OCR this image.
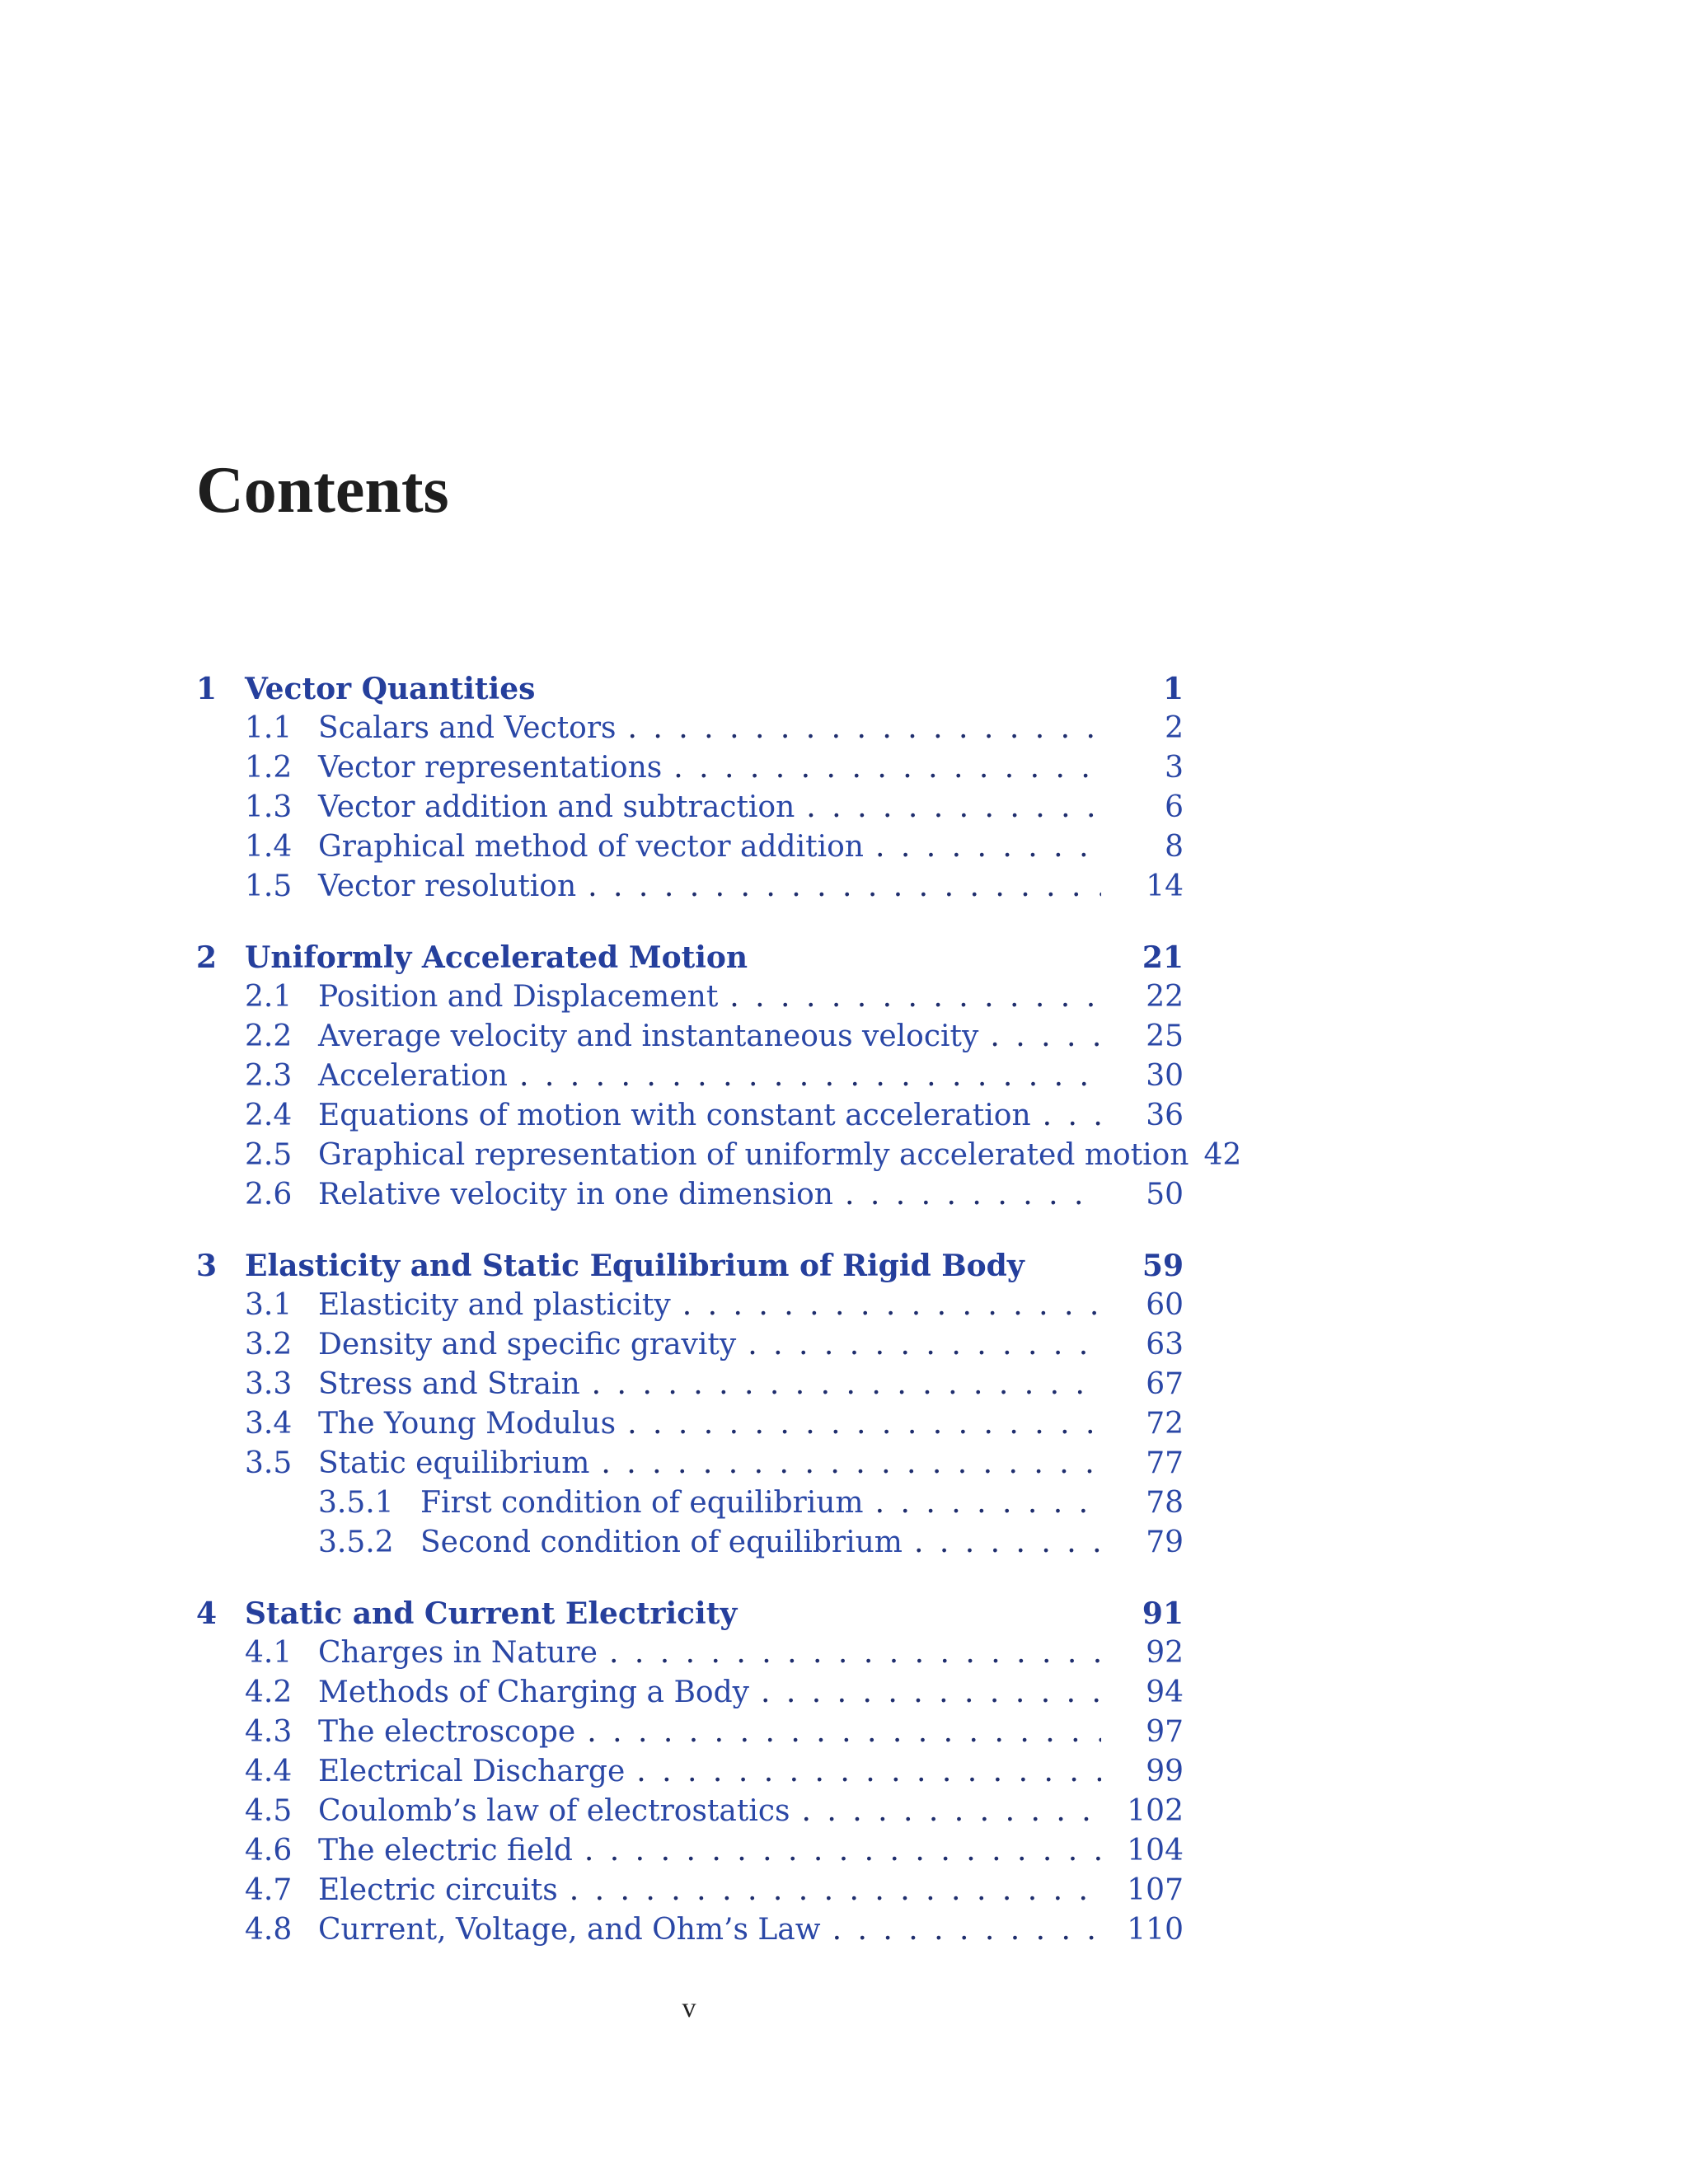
Contents
1 Vector Quantities	1
1.1 Scalars and Vectors . . .	2
1.2 Vector representations . . .	3
1.3 Vector addition and subtraction . . .	6
1.4 Graphical method of vector addition . . .	8
1.5 Vector resolution . . .	14
2 Uniformly Accelerated Motion	21
2.1 Position and Displacement . . .	22
2.2 Average velocity and instantaneous velocity . . .	25
2.3 Acceleration . . .	30
2.4 Equations of motion with constant acceleration . . .	36
2.5 Graphical representation of uniformly accelerated motion 42
2.6 Relative velocity in one dimension . . .	50
3 Elasticity and Static Equilibrium of Rigid Body	59
3.1 Elasticity and plasticity . . .	60
3.2 Density and specific gravity . . .	63
3.3 Stress and Strain . . .	67
3.4 The Young Modulus . . .	72
3.5 Static equilibrium . . .	77
3.5.1 First condition of equilibrium . . .	78
3.5.2 Second condition of equilibrium . . .	79
4 Static and Current Electricity	91
4.1 Charges in Nature . . .	92
4.2 Methods of Charging a Body . . .	94
4.3 The electroscope . . .	97
4.4 Electrical Discharge . . .	99
4.5 Coulomb’s law of electrostatics . . .	102
4.6 The electric field . . .	104
4.7 Electric circuits . . .	107
4.8 Current, Voltage, and Ohm’s Law . . .	110
v
